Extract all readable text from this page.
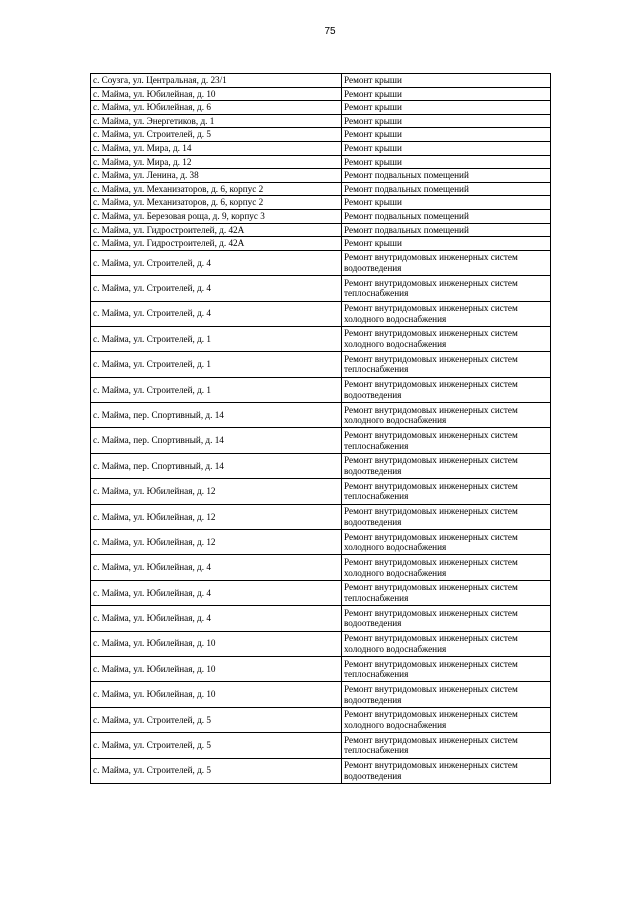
75
с. Соузга, ул. Центральная, д. 23/1	Ремонт крыши

с. Майма, ул. Юбилейная, д. 10	Ремонт крыши

с. Майма, ул. Юбилейная, д. 6	Ремонт крыши

с. Майма, ул. Энергетиков, д. 1	Ремонт крыши

с. Майма, ул. Строителей, д. 5	Ремонт крыши

с. Майма, ул. Мира, д. 14	Ремонт крыши

с. Майма, ул. Мира, д. 12	Ремонт крыши

с. Майма, ул. Ленина, д. 38	Ремонт подвальных помещений

с. Майма, ул. Механизаторов, д. 6, корпус 2	Ремонт подвальных помещений

с. Майма, ул. Механизаторов, д. 6, корпус 2	Ремонт крыши

с. Майма, ул. Березовая роща, д. 9, корпус 3	Ремонт подвальных помещений

с. Майма, ул. Гидростроителей, д. 42А	Ремонт подвальных помещений

с. Майма, ул. Гидростроителей, д. 42А	Ремонт крыши

с. Майма, ул. Строителей, д. 4	Ремонт внутридомовых инженерных систем
водоотведения

с. Майма, ул. Строителей, д. 4	Ремонт внутридомовых инженерных систем
теплоснабжения

с. Майма, ул. Строителей, д. 4	Ремонт внутридомовых инженерных систем
холодного водоснабжения

с. Майма, ул. Строителей, д. 1	Ремонт внутридомовых инженерных систем
холодного водоснабжения

с. Майма, ул. Строителей, д. 1	Ремонт внутридомовых инженерных систем
теплоснабжения

с. Майма, ул. Строителей, д. 1	Ремонт внутридомовых инженерных систем
водоотведения

с. Майма, пер. Спортивный, д. 14	Ремонт внутридомовых инженерных систем
холодного водоснабжения

с. Майма, пер. Спортивный, д. 14	Ремонт внутридомовых инженерных систем
теплоснабжения

с. Майма, пер. Спортивный, д. 14	Ремонт внутридомовых инженерных систем
водоотведения

с. Майма, ул. Юбилейная, д. 12	Ремонт внутридомовых инженерных систем
теплоснабжения

с. Майма, ул. Юбилейная, д. 12	Ремонт внутридомовых инженерных систем
водоотведения

с. Майма, ул. Юбилейная, д. 12	Ремонт внутридомовых инженерных систем
холодного водоснабжения

с. Майма, ул. Юбилейная, д. 4	Ремонт внутридомовых инженерных систем
холодного водоснабжения

с. Майма, ул. Юбилейная, д. 4	Ремонт внутридомовых инженерных систем
теплоснабжения

с. Майма, ул. Юбилейная, д. 4	Ремонт внутридомовых инженерных систем
водоотведения

с. Майма, ул. Юбилейная, д. 10	Ремонт внутридомовых инженерных систем
холодного водоснабжения

с. Майма, ул. Юбилейная, д. 10	Ремонт внутридомовых инженерных систем
теплоснабжения

с. Майма, ул. Юбилейная, д. 10	Ремонт внутридомовых инженерных систем
водоотведения

с. Майма, ул. Строителей, д. 5	Ремонт внутридомовых инженерных систем
холодного водоснабжения

с. Майма, ул. Строителей, д. 5	Ремонт внутридомовых инженерных систем
теплоснабжения

с. Майма, ул. Строителей, д. 5	Ремонт внутридомовых инженерных систем
водоотведения
